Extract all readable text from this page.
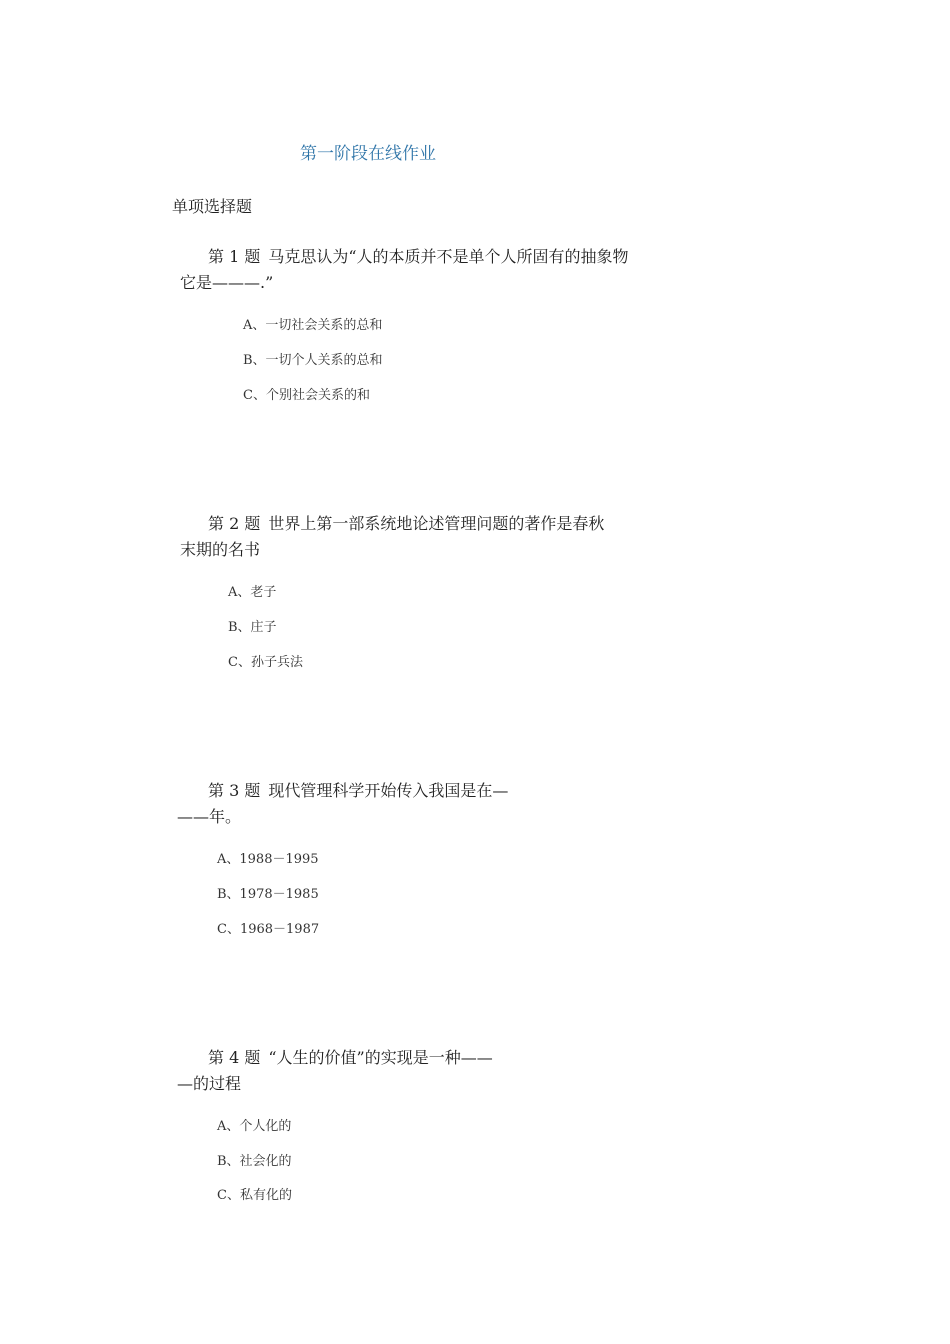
第一阶段在线作业
单项选择题
第 1 题 马克思认为“人的本质并不是单个人所固有的抽象物
它是———.”
A、一切社会关系的总和
B、一切个人关系的总和
C、个别社会关系的和
第 2 题 世界上第一部系统地论述管理问题的著作是春秋
末期的名书
A、老子
B、庄子
C、孙子兵法
第 3 题 现代管理科学开始传入我国是在—
——年。
A、1988－1995
B、1978－1985
C、1968－1987
第 4 题 “人生的价值”的实现是一种——
—的过程
A、个人化的
B、社会化的
C、私有化的
